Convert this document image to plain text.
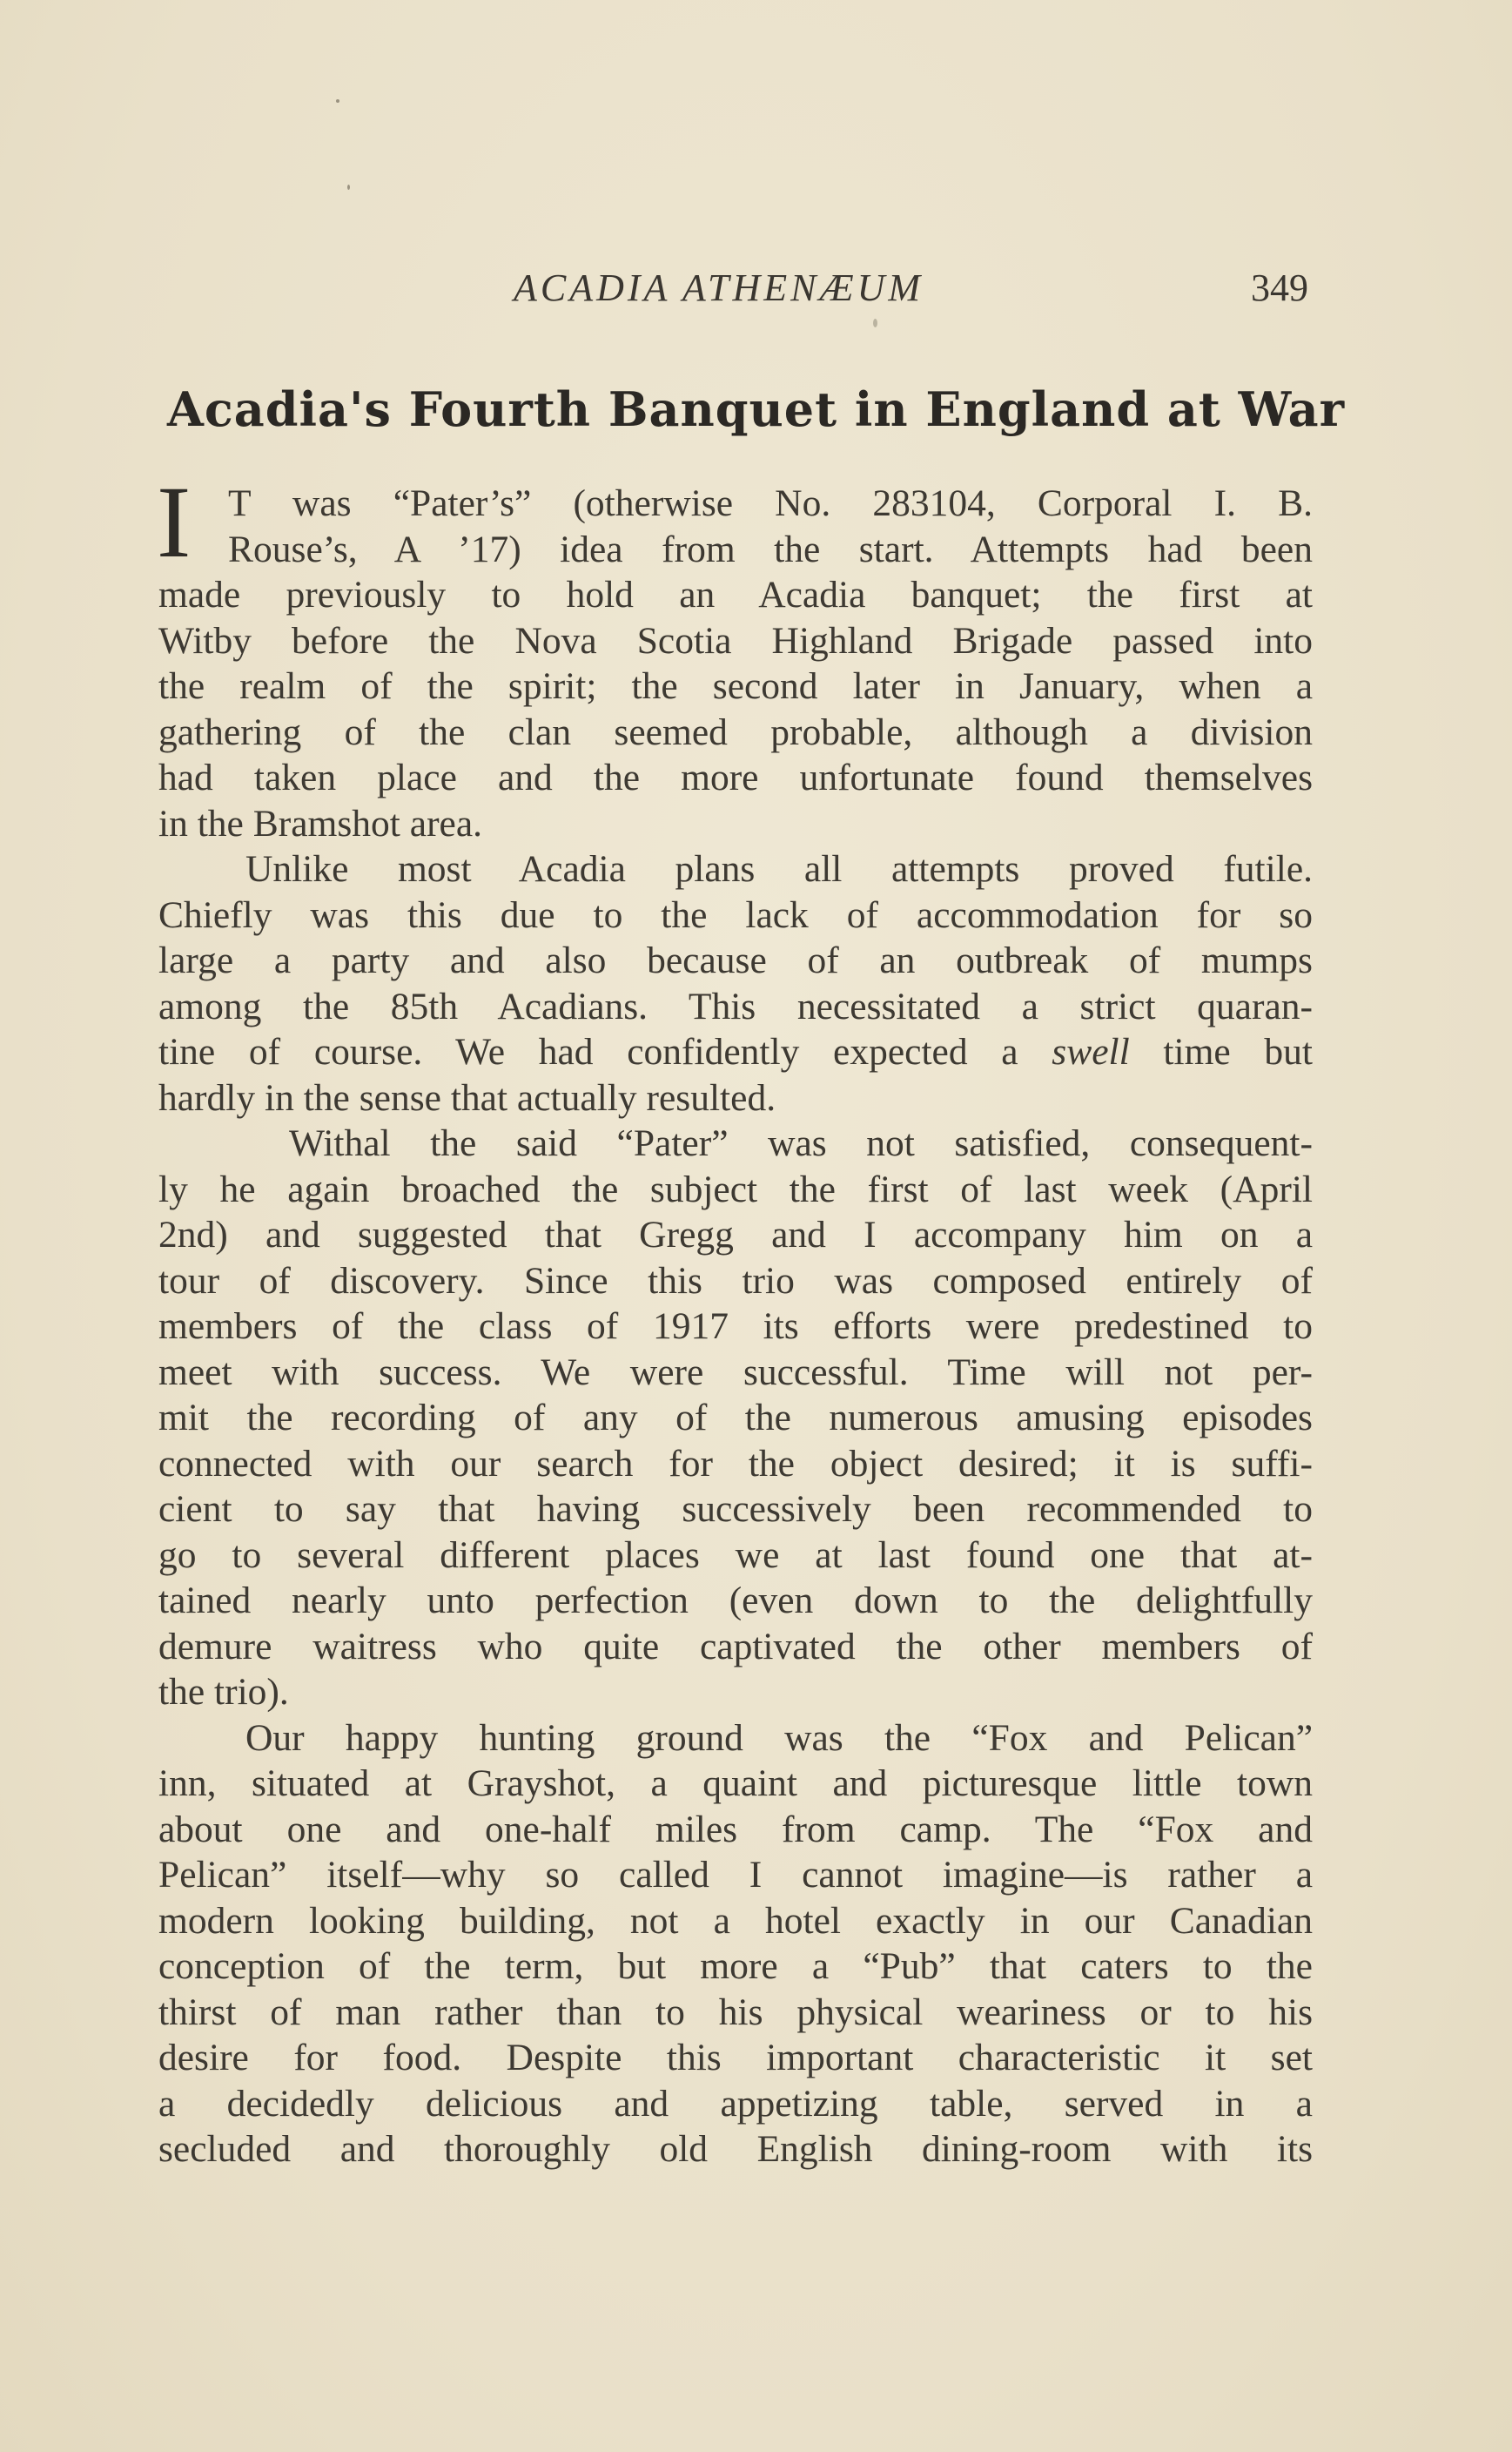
ACADIA ATHENÆUM	349
Acadia's Fourth Banquet in England at War
I T was “Pater’s” (otherwise No. 283104, Corporal I. B.
Rouse’s, A ’17) idea from the start. Attempts had been
made previously to hold an Acadia banquet; the first at
Witby before the Nova Scotia Highland Brigade passed into
the realm of the spirit; the second later in January, when a
gathering of the clan seemed probable, although a division
had taken place and the more unfortunate found themselves
in the Bramshot area.
Unlike most Acadia plans all attempts proved futile.
Chiefly was this due to the lack of accommodation for so
large a party and also because of an outbreak of mumps
among the 85th Acadians. This necessitated a strict quaran-
tine of course. We had confidently expected a swell time but
hardly in the sense that actually resulted.
Withal the said “Pater” was not satisfied, consequent-
ly he again broached the subject the first of last week (April
2nd) and suggested that Gregg and I accompany him on a
tour of discovery. Since this trio was composed entirely of
members of the class of 1917 its efforts were predestined to
meet with success. We were successful. Time will not per-
mit the recording of any of the numerous amusing episodes
connected with our search for the object desired; it is suffi-
cient to say that having successively been recommended to
go to several different places we at last found one that at-
tained nearly unto perfection (even down to the delightfully
demure waitress who quite captivated the other members of
the trio).
Our happy hunting ground was the “Fox and Pelican”
inn, situated at Grayshot, a quaint and picturesque little town
about one and one-half miles from camp. The “Fox and
Pelican” itself—why so called I cannot imagine—is rather a
modern looking building, not a hotel exactly in our Canadian
conception of the term, but more a “Pub” that caters to the
thirst of man rather than to his physical weariness or to his
desire for food. Despite this important characteristic it set
a decidedly delicious and appetizing table, served in a
secluded and thoroughly old English dining-room with its
